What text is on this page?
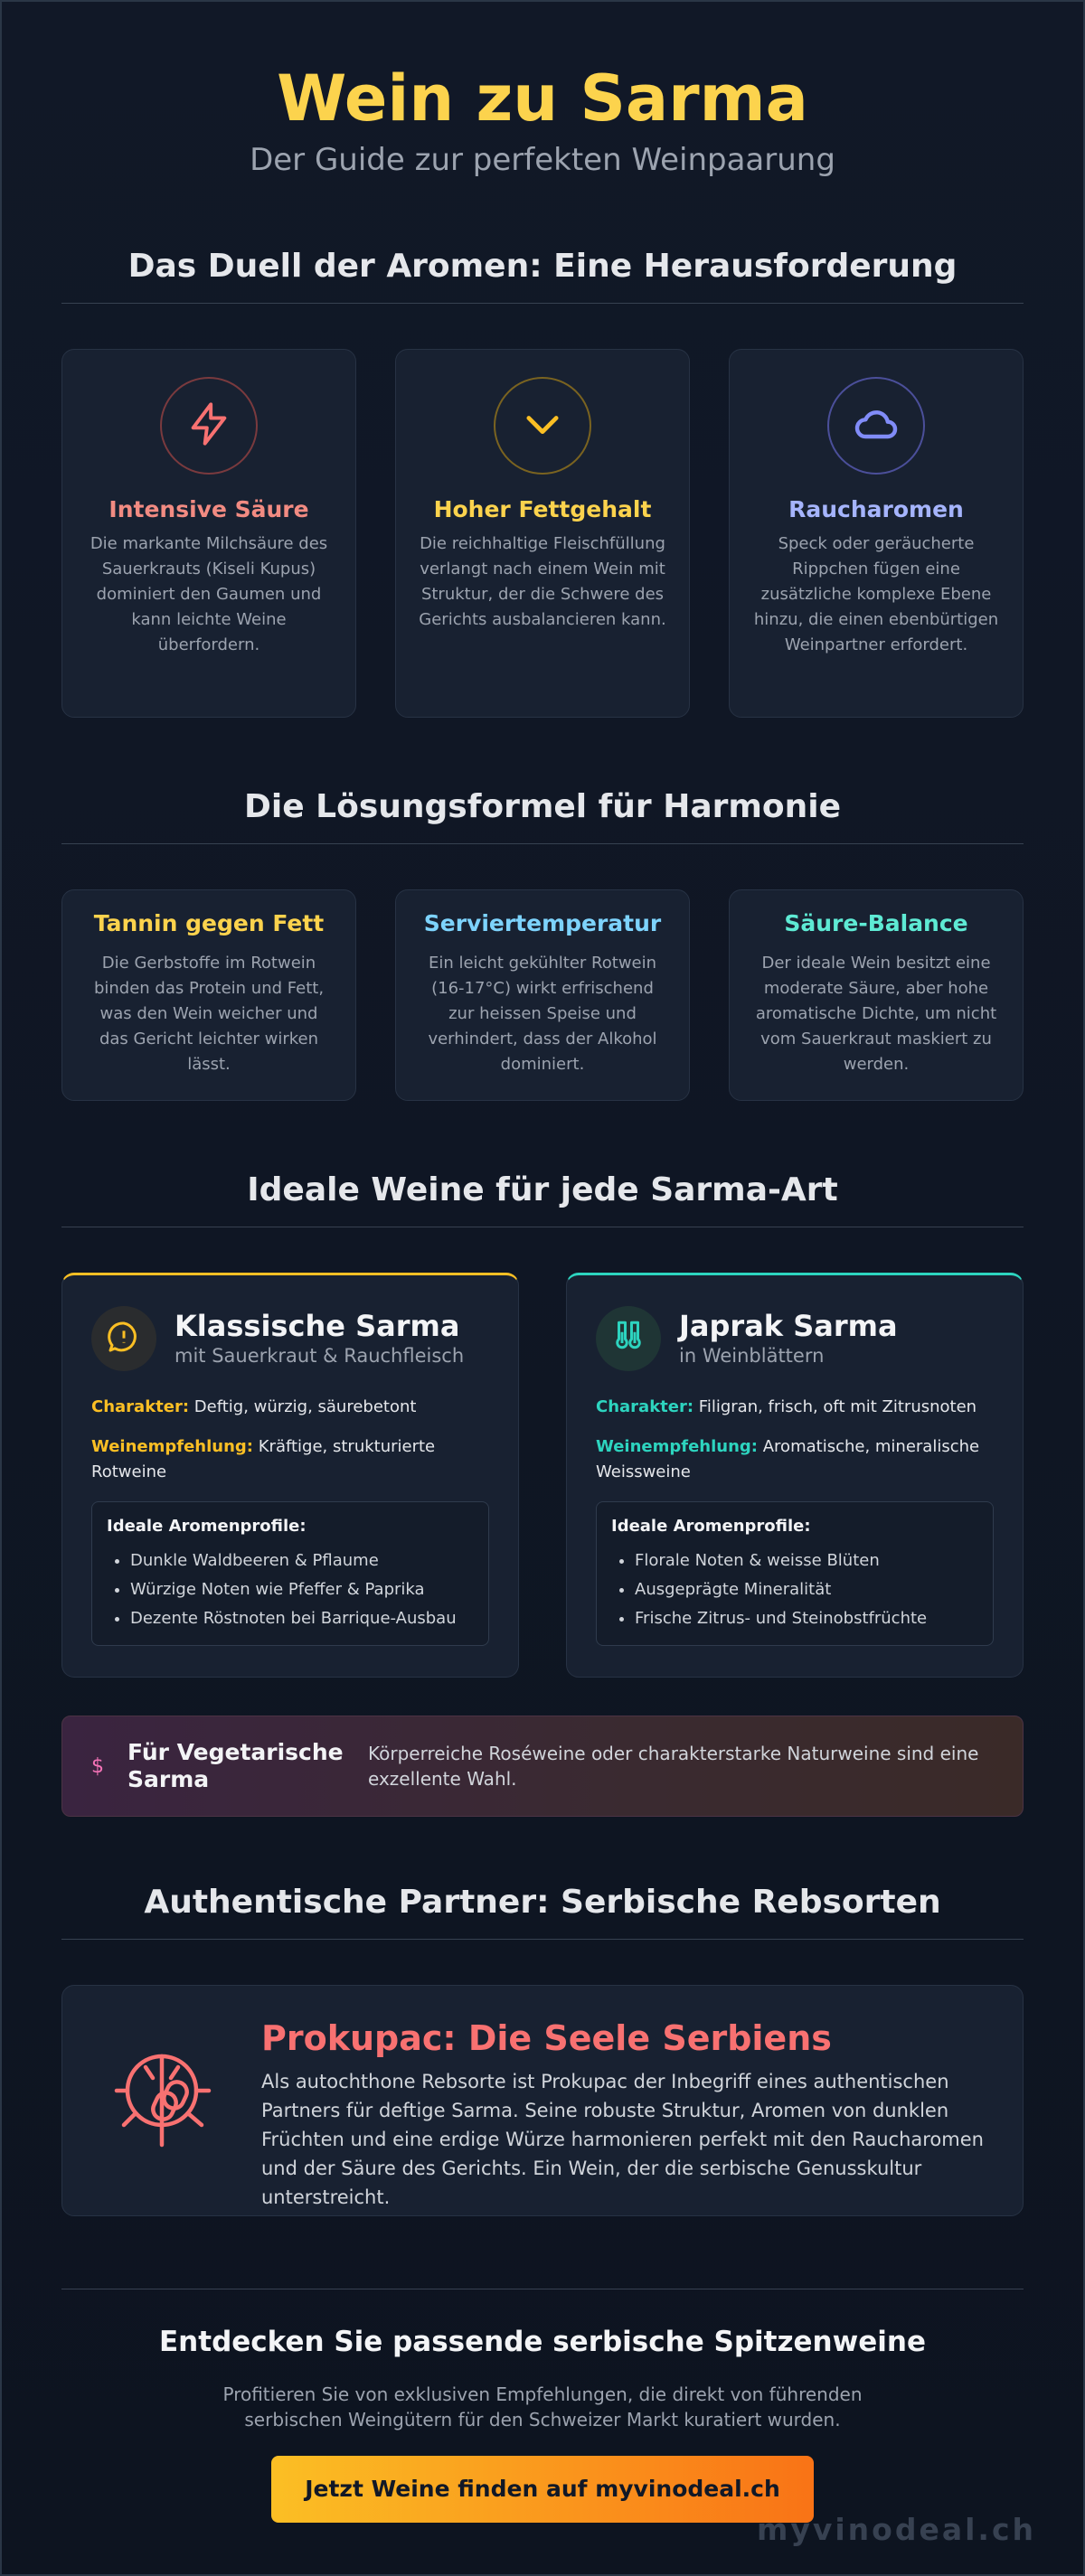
Wein zu Sarma
Der Guide zur perfekten Weinpaarung
Das Duell der Aromen: Eine Herausforderung
Intensive Säure

Die markante Milchsäure des Sauerkrauts (Kiseli Kupus) dominiert den Gaumen und kann leichte Weine überfordern.

Hoher Fettgehalt

Die reichhaltige Fleischfüllung verlangt nach einem Wein mit Struktur, der die Schwere des Gerichts ausbalancieren kann.

Raucharomen

Speck oder geräucherte Rippchen fügen eine zusätzliche komplexe Ebene hinzu, die einen ebenbürtigen Weinpartner erfordert.

Die Lösungsformel für Harmonie
Tannin gegen Fett

Die Gerbstoffe im Rotwein binden das Protein und Fett, was den Wein weicher und das Gericht leichter wirken lässt.

Serviertemperatur

Ein leicht gekühlter Rotwein (16-17°C) wirkt erfrischend zur heissen Speise und verhindert, dass der Alkohol dominiert.

Säure-Balance

Der ideale Wein besitzt eine moderate Säure, aber hohe aromatische Dichte, um nicht vom Sauerkraut maskiert zu werden.

Ideale Weine für jede Sarma-Art
Klassische Sarma
mit Sauerkraut & Rauchfleisch
Charakter: Deftig, würzig, säurebetont
Weinempfehlung: Kräftige, strukturierte Rotweine
Ideale Aromenprofile:
• Dunkle Waldbeeren & Pflaume
• Würzige Noten wie Pfeffer & Paprika
• Dezente Röstnoten bei Barrique-Ausbau
Japrak Sarma
in Weinblättern
Charakter: Filigran, frisch, oft mit Zitrusnoten
Weinempfehlung: Aromatische, mineralische Weissweine
Ideale Aromenprofile:
• Florale Noten & weisse Blüten
• Ausgeprägte Mineralität
• Frische Zitrus- und Steinobstfrüchte
$
Für Vegetarische Sarma
Körperreiche Roséweine oder charakterstarke Naturweine sind eine exzellente Wahl.
Authentische Partner: Serbische Rebsorten
Prokupac: Die Seele Serbiens

Als autochthone Rebsorte ist Prokupac der Inbegriff eines authentischen Partners für deftige Sarma. Seine robuste Struktur, Aromen von dunklen Früchten und eine erdige Würze harmonieren perfekt mit den Raucharomen und der Säure des Gerichts. Ein Wein, der die serbische Genusskultur unterstreicht.

Entdecken Sie passende serbische Spitzenweine

Profitieren Sie von exklusiven Empfehlungen, die direkt von führenden serbischen Weingütern für den Schweizer Markt kuratiert wurden.

Jetzt Weine finden auf myvinodeal.ch
myvinodeal.ch
